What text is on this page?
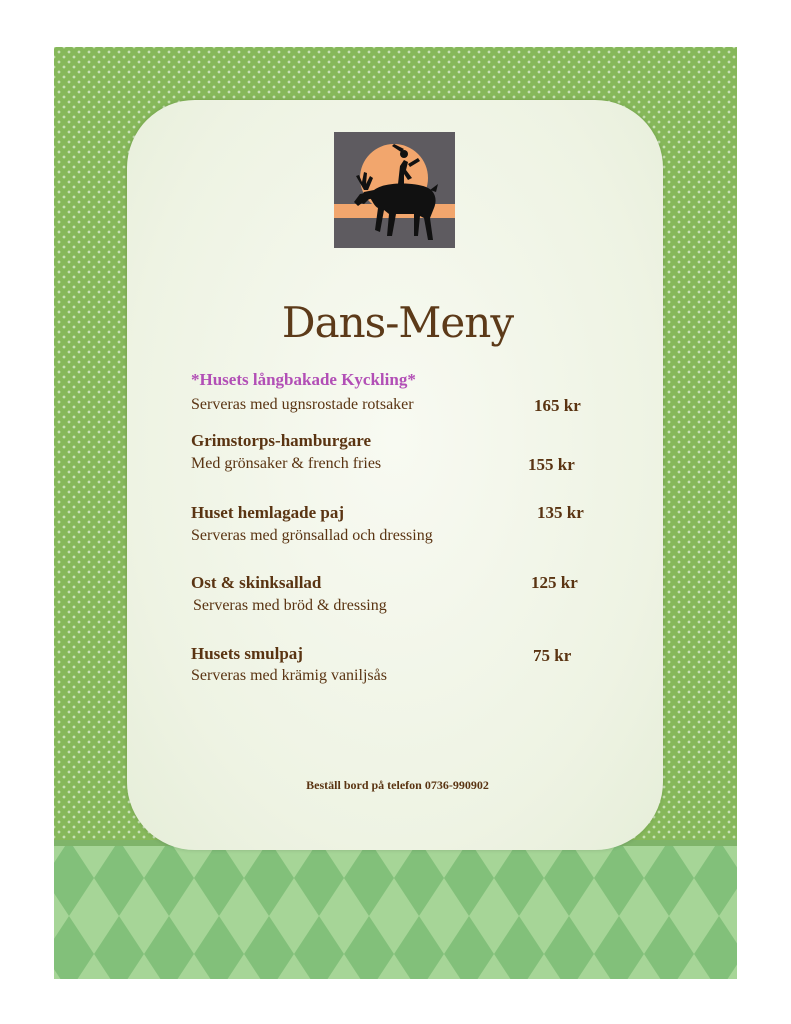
Dans-Meny
*Husets långbakade Kyckling*
Serveras med ugnsrostade rotsaker	165 kr
Grimstorps-hamburgare
Med grönsaker & french fries	155 kr
Huset hemlagade paj	135 kr
Serveras med grönsallad och dressing
Ost & skinksallad	125 kr
Serveras med bröd & dressing
Husets smulpaj	75 kr
Serveras med krämig vaniljsås
Beställ bord på telefon 0736-990902
